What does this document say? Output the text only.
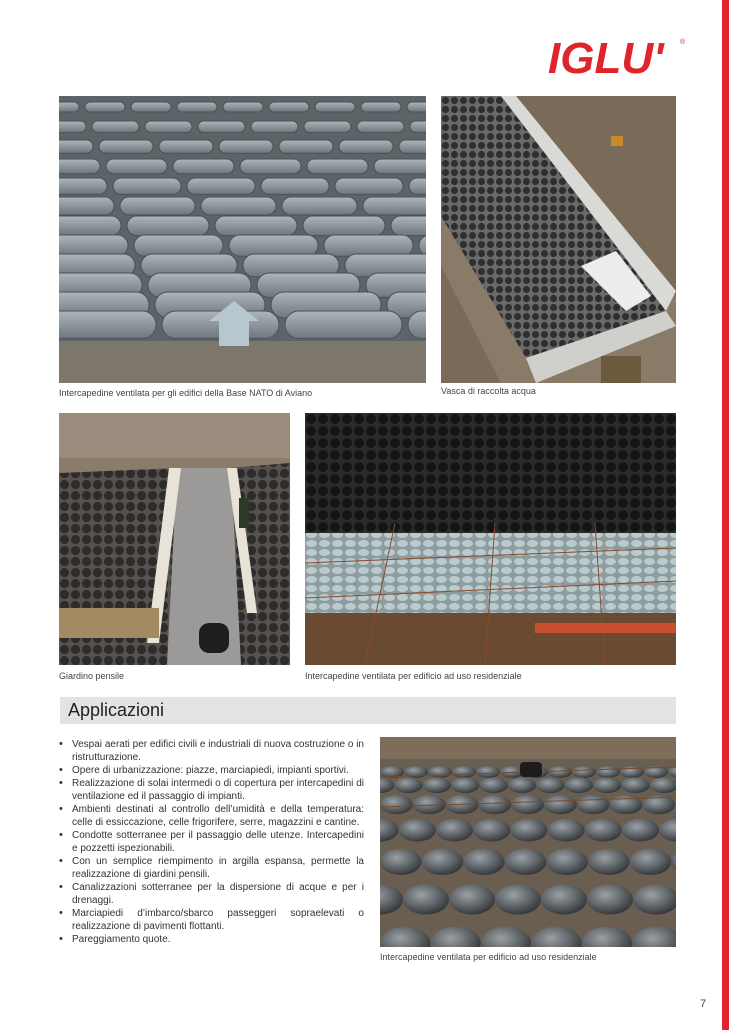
IGLU' ®
Intercapedine ventilata per gli edifici della Base NATO di Aviano	Vasca di raccolta acqua
Giardino pensile	Intercapedine ventilata per edificio ad uso residenziale
Applicazioni
• Vespai aerati per edifici civili e industriali di nuova costruzione o in ristrutturazione.
• Opere di urbanizzazione: piazze, marciapiedi, impianti sportivi.
• Realizzazione di solai intermedi o di copertura per intercapedini di ventilazione ed il passaggio di impianti.
• Ambienti destinati al controllo dell’umidità e della temperatura: celle di essiccazione, celle frigorifere, serre, magazzini e cantine.
• Condotte sotterranee per il passaggio delle utenze. Intercapedini e pozzetti ispezionabili.
• Con un semplice riempimento in argilla espansa, permette la realizzazione di giardini pensili.
• Canalizzazioni sotterranee per la dispersione di acque e per i drenaggi.
• Marciapiedi d’imbarco/sbarco passeggeri sopraelevati o realizzazione di pavimenti flottanti.
• Pareggiamento quote.
Intercapedine ventilata per edificio ad uso residenziale
7
